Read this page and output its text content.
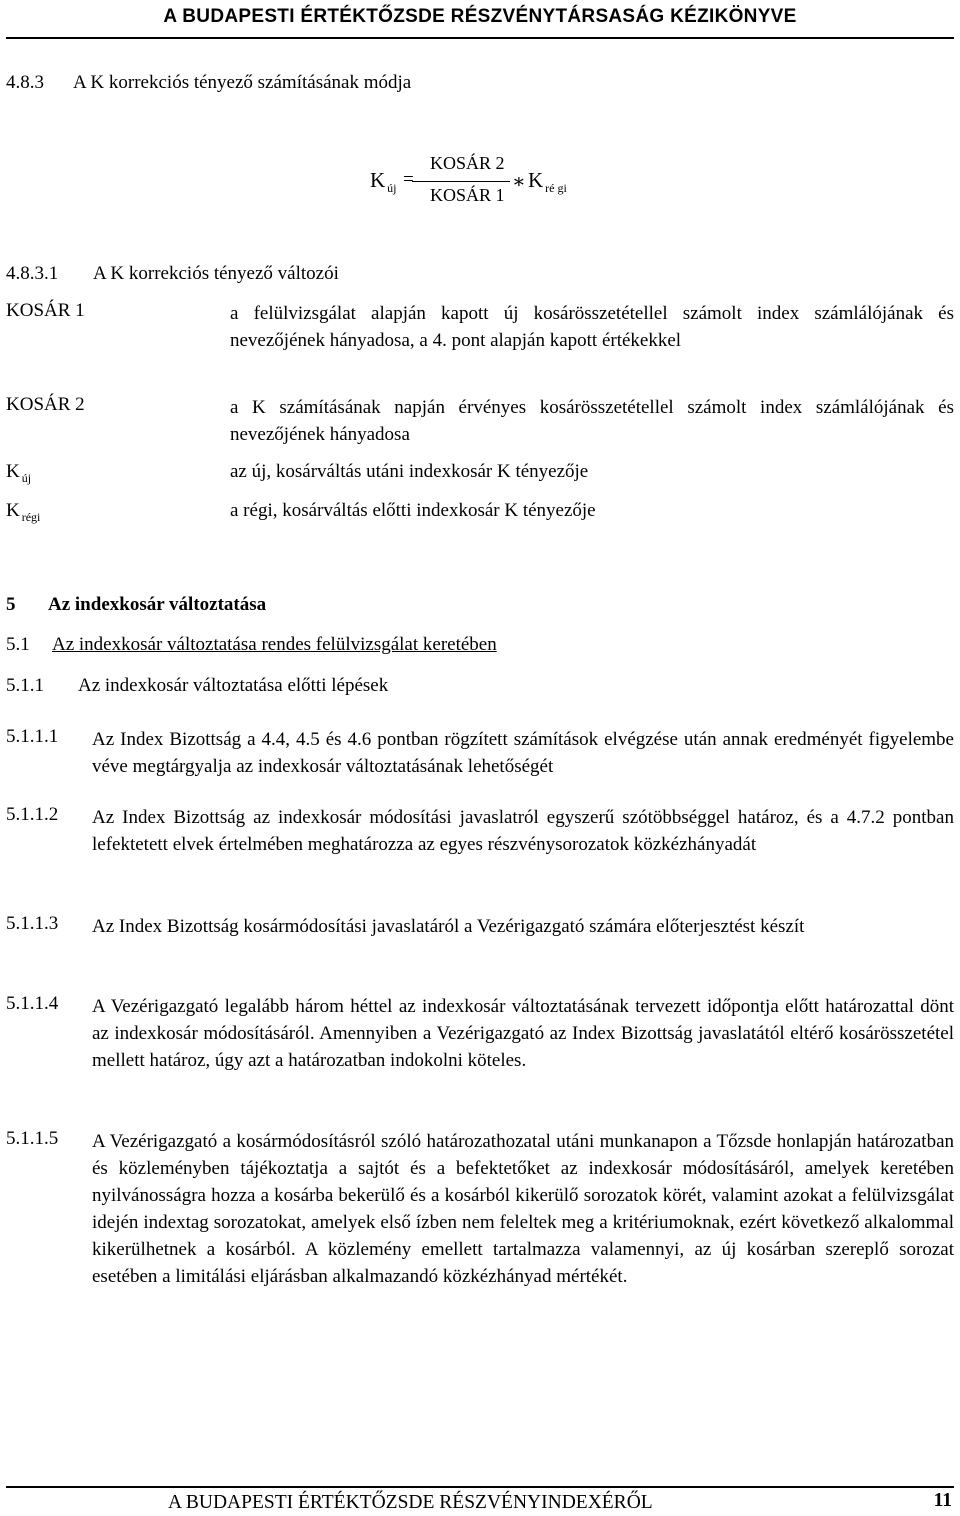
A BUDAPESTI ÉRTÉKTŐZSDE RÉSZVÉNYTÁRSASÁG KÉZIKÖNYVE
4.8.3 A K korrekciós tényező számításának módja
K $_{új}$ =
KOSÁR 2
KOSÁR 1
∗ K $_{ré gi}$
4.8.3.1 A K korrekciós tényező változói
KOSÁR 1	a felülvizsgálat alapján kapott új kosárösszetétellel számolt index számlálójának és nevezőjének hányadosa, a 4. pont alapján kapott értékekkel
KOSÁR 2	a K számításának napján érvényes kosárösszetétellel számolt index számlálójának és nevezőjének hányadosa
K $_{új}$	az új, kosárváltás utáni indexkosár K tényezője
K $_{régi}$	a régi, kosárváltás előtti indexkosár K tényezője
5 Az indexkosár változtatása
5.1 Az indexkosár változtatása rendes felülvizsgálat keretében
5.1.1 Az indexkosár változtatása előtti lépések
5.1.1.1 Az Index Bizottság a 4.4, 4.5 és 4.6 pontban rögzített számítások elvégzése után annak eredményét figyelembe véve megtárgyalja az indexkosár változtatásának lehetőségét
5.1.1.2 Az Index Bizottság az indexkosár módosítási javaslatról egyszerű szótöbbséggel határoz, és a 4.7.2 pontban lefektetett elvek értelmében meghatározza az egyes részvénysorozatok közkézhányadát
5.1.1.3 Az Index Bizottság kosármódosítási javaslatáról a Vezérigazgató számára előterjesztést készít
5.1.1.4 A Vezérigazgató legalább három héttel az indexkosár változtatásának tervezett időpontja előtt határozattal dönt az indexkosár módosításáról. Amennyiben a Vezérigazgató az Index Bizottság javaslatától eltérő kosárösszetétel mellett határoz, úgy azt a határozatban indokolni köteles.
5.1.1.5 A Vezérigazgató a kosármódosításról szóló határozathozatal utáni munkanapon a Tőzsde honlapján határozatban és közleményben tájékoztatja a sajtót és a befektetőket az indexkosár módosításáról, amelyek keretében nyilvánosságra hozza a kosárba bekerülő és a kosárból kikerülő sorozatok körét, valamint azokat a felülvizsgálat idején indextag sorozatokat, amelyek első ízben nem feleltek meg a kritériumoknak, ezért következő alkalommal kikerülhetnek a kosárból. A közlemény emellett tartalmazza valamennyi, az új kosárban szereplő sorozat esetében a limitálási eljárásban alkalmazandó közkézhányad mértékét.
A BUDAPESTI ÉRTÉKTŐZSDE RÉSZVÉNYINDEXÉRŐL	11
